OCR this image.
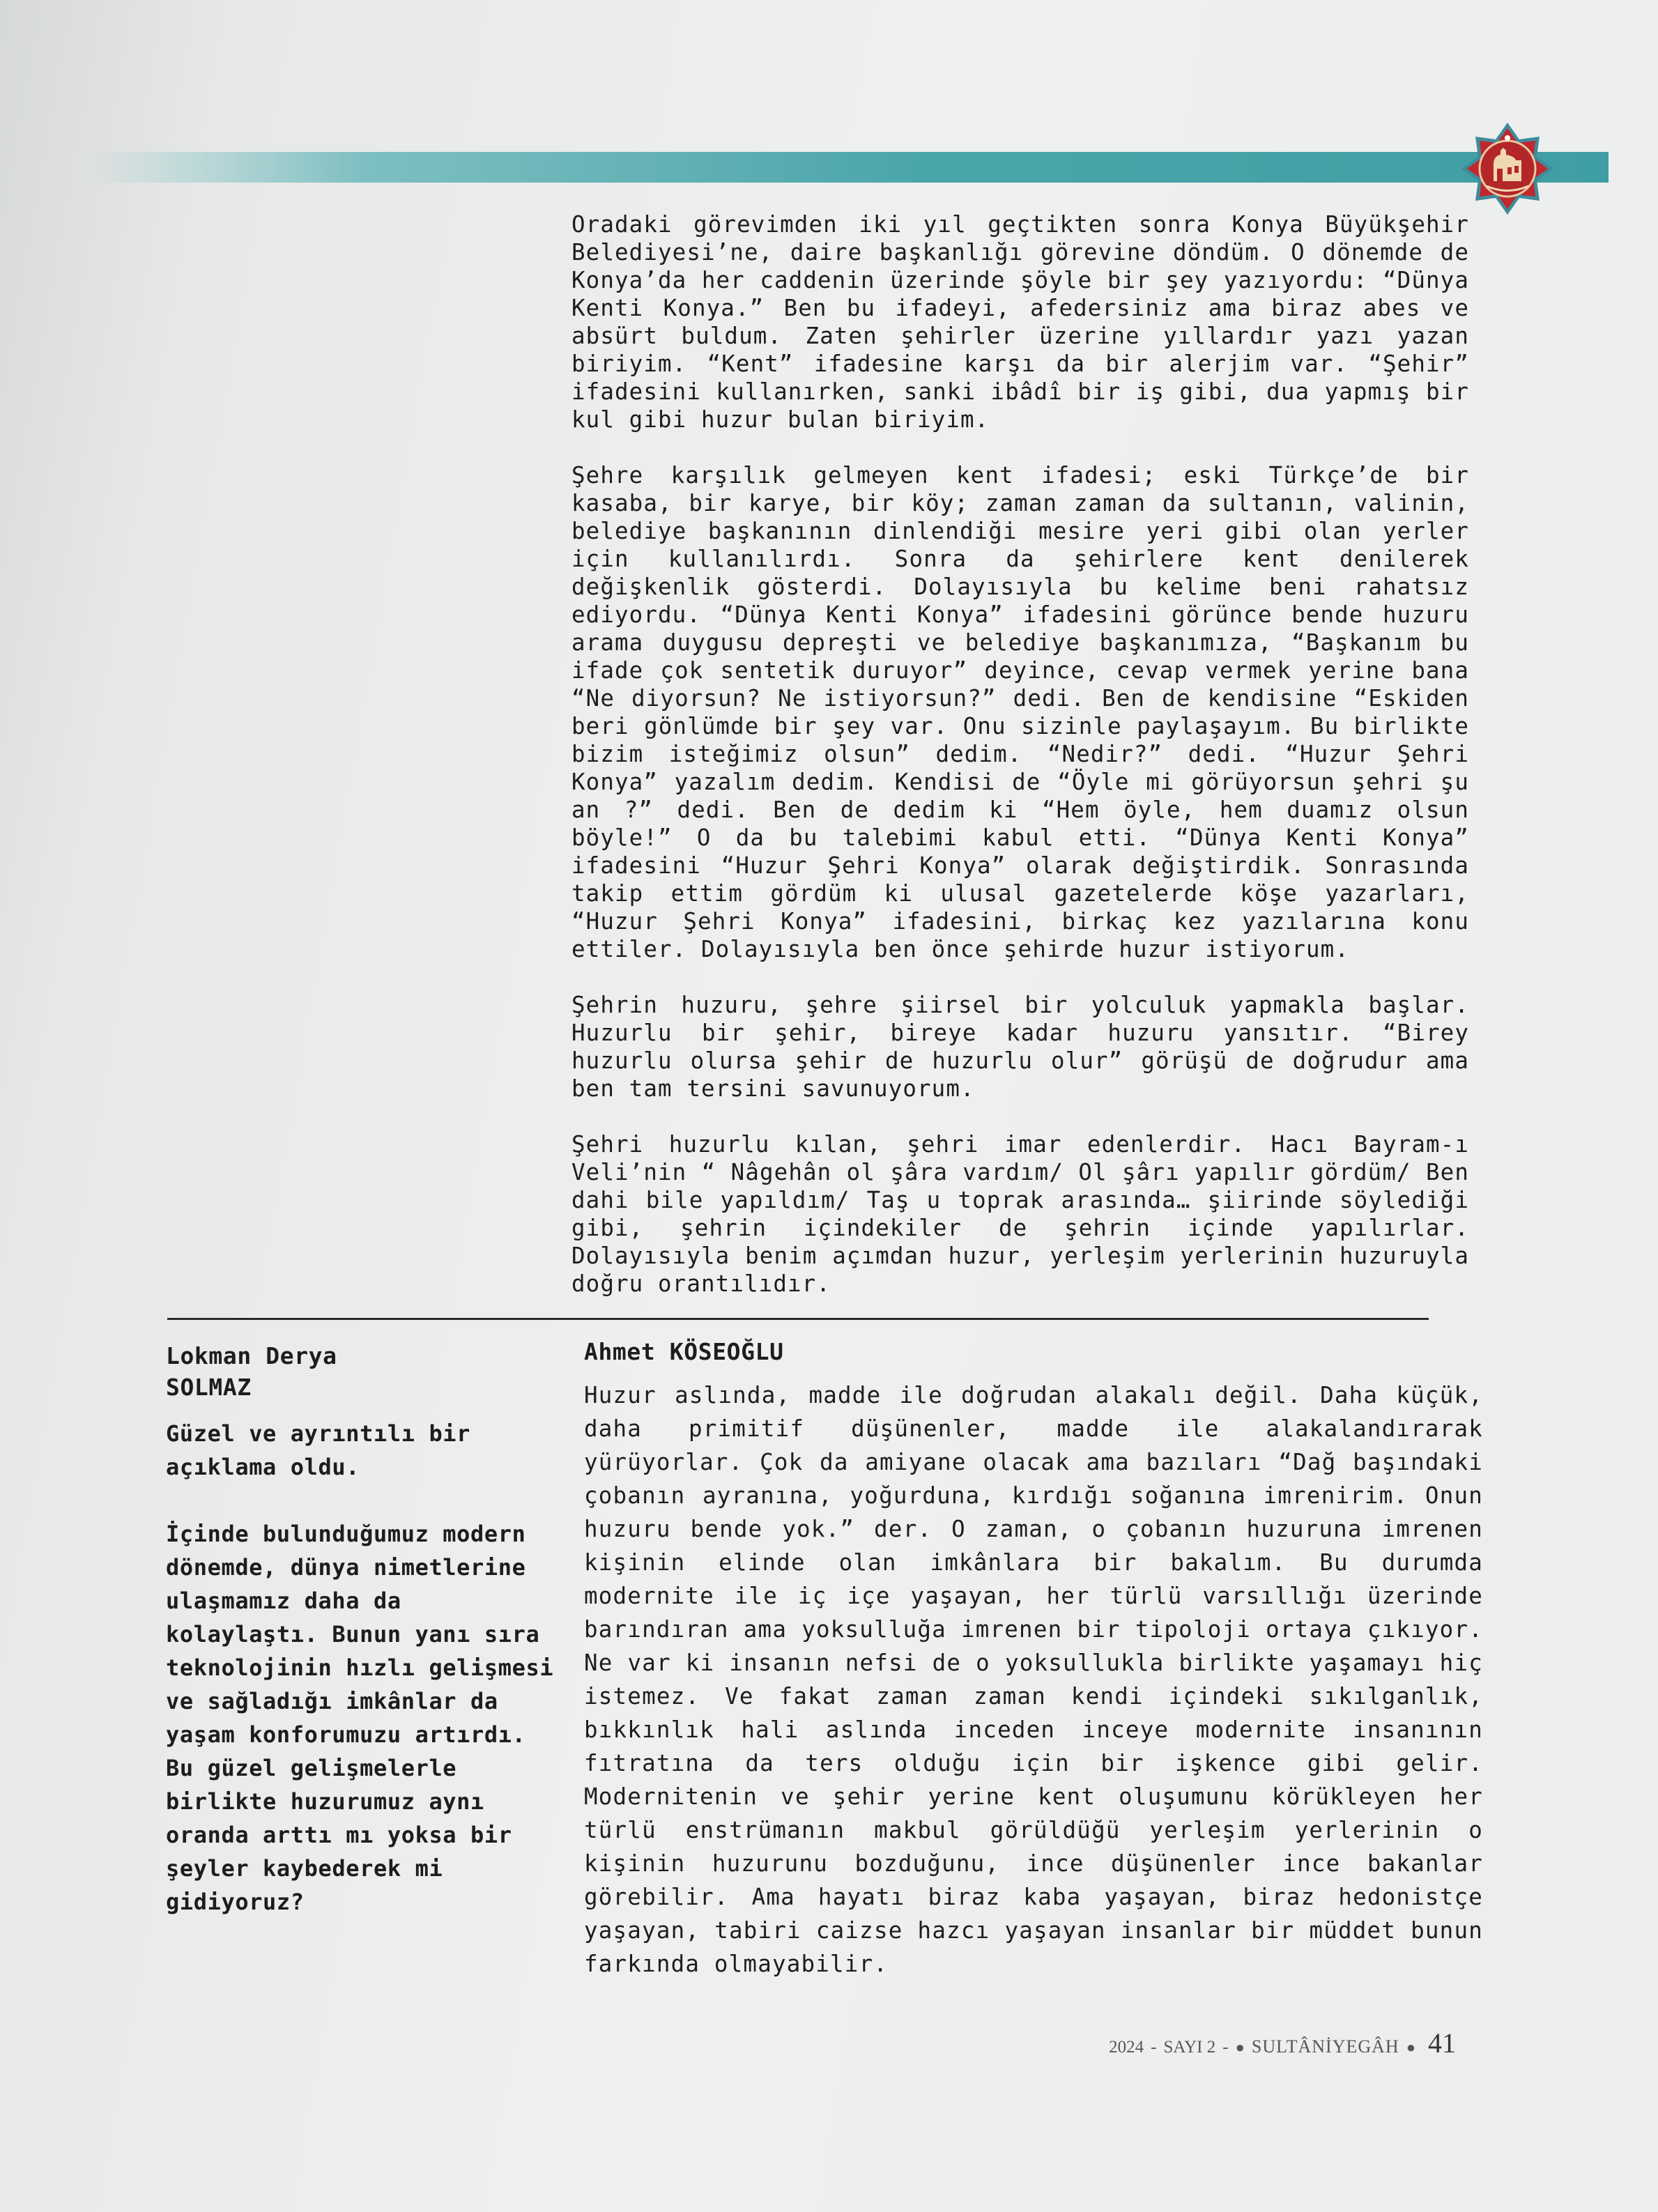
Oradaki görevimden iki yıl geçtikten sonra Konya Büyükşehir Belediyesi’ne, daire başkanlığı görevine döndüm. O dönemde de Konya’da her caddenin üzerinde şöyle bir şey yazıyordu: “Dünya Kenti Konya.” Ben bu ifadeyi, afedersiniz ama biraz abes ve absürt buldum. Zaten şehirler üzerine yıllardır yazı yazan biriyim. “Kent” ifadesine karşı da bir alerjim var. “Şehir” ifadesini kullanırken, sanki ibâdî bir iş gibi, dua yapmış bir kul gibi huzur bulan biriyim.

Şehre karşılık gelmeyen kent ifadesi; eski Türkçe’de bir kasaba, bir karye, bir köy; zaman zaman da sultanın, valinin, belediye başkanının dinlendiği mesire yeri gibi olan yerler için kullanılırdı. Sonra da şehirlere kent denilerek değişkenlik gösterdi. Dolayısıyla bu kelime beni rahatsız ediyordu. “Dünya Kenti Konya” ifadesini görünce bende huzuru arama duygusu depreşti ve belediye başkanımıza, “Başkanım bu ifade çok sentetik duruyor” deyince, cevap vermek yerine bana “Ne diyorsun? Ne istiyorsun?” dedi. Ben de kendisine “Eskiden beri gönlümde bir şey var. Onu sizinle paylaşayım. Bu birlikte bizim isteğimiz olsun” dedim. “Nedir?” dedi. “Huzur Şehri Konya” yazalım dedim. Kendisi de “Öyle mi görüyorsun şehri şu an ?” dedi. Ben de dedim ki “Hem öyle, hem duamız olsun böyle!” O da bu talebimi kabul etti. “Dünya Kenti Konya” ifadesini “Huzur Şehri Konya” olarak değiştirdik. Sonrasında takip ettim gördüm ki ulusal gazetelerde köşe yazarları, “Huzur Şehri Konya” ifadesini, birkaç kez yazılarına konu ettiler. Dolayısıyla ben önce şehirde huzur istiyorum.

Şehrin huzuru, şehre şiirsel bir yolculuk yapmakla başlar. Huzurlu bir şehir, bireye kadar huzuru yansıtır. “Birey huzurlu olursa şehir de huzurlu olur” görüşü de doğrudur ama ben tam tersini savunuyorum.

Şehri huzurlu kılan, şehri imar edenlerdir. Hacı Bayram-ı Veli’nin “ Nâgehân ol şâra vardım/ Ol şârı yapılır gördüm/ Ben dahi bile yapıldım/ Taş u toprak arasında… şiirinde söylediği gibi, şehrin içindekiler de şehrin içinde yapılırlar. Dolayısıyla benim açımdan huzur, yerleşim yerlerinin huzuruyla doğru orantılıdır.

Lokman Derya
SOLMAZ

Güzel ve ayrıntılı bir açıklama oldu.

İçinde bulunduğumuz modern dönemde, dünya nimetlerine ulaşmamız daha da kolaylaştı. Bunun yanı sıra teknolojinin hızlı gelişmesi ve sağladığı imkânlar da yaşam konforumuzu artırdı. Bu güzel gelişmelerle birlikte huzurumuz aynı oranda arttı mı yoksa bir şeyler kaybederek mi gidiyoruz?

Ahmet KÖSEOĞLU

Huzur aslında, madde ile doğrudan alakalı değil. Daha küçük, daha primitif düşünenler, madde ile alakalandırarak yürüyorlar. Çok da amiyane olacak ama bazıları “Dağ başındaki çobanın ayranına, yoğurduna, kırdığı soğanına imrenirim. Onun huzuru bende yok.” der. O zaman, o çobanın huzuruna imrenen kişinin elinde olan imkânlara bir bakalım. Bu durumda modernite ile iç içe yaşayan, her türlü varsıllığı üzerinde barındıran ama yoksulluğa imrenen bir tipoloji ortaya çıkıyor. Ne var ki insanın nefsi de o yoksullukla birlikte yaşamayı hiç istemez. Ve fakat zaman zaman kendi içindeki sıkılganlık, bıkkınlık hali aslında inceden inceye modernite insanının fıtratına da ters olduğu için bir işkence gibi gelir. Modernitenin ve şehir yerine kent oluşumunu körükleyen her türlü enstrümanın makbul görüldüğü yerleşim yerlerinin o kişinin huzurunu bozduğunu, ince düşünenler ince bakanlar görebilir. Ama hayatı biraz kaba yaşayan, biraz hedonistçe yaşayan, tabiri caizse hazcı yaşayan insanlar bir müddet bunun farkında olmayabilir.

2024 - SAYI 2 - ● SULTÂNİYEGÂH ● 41
